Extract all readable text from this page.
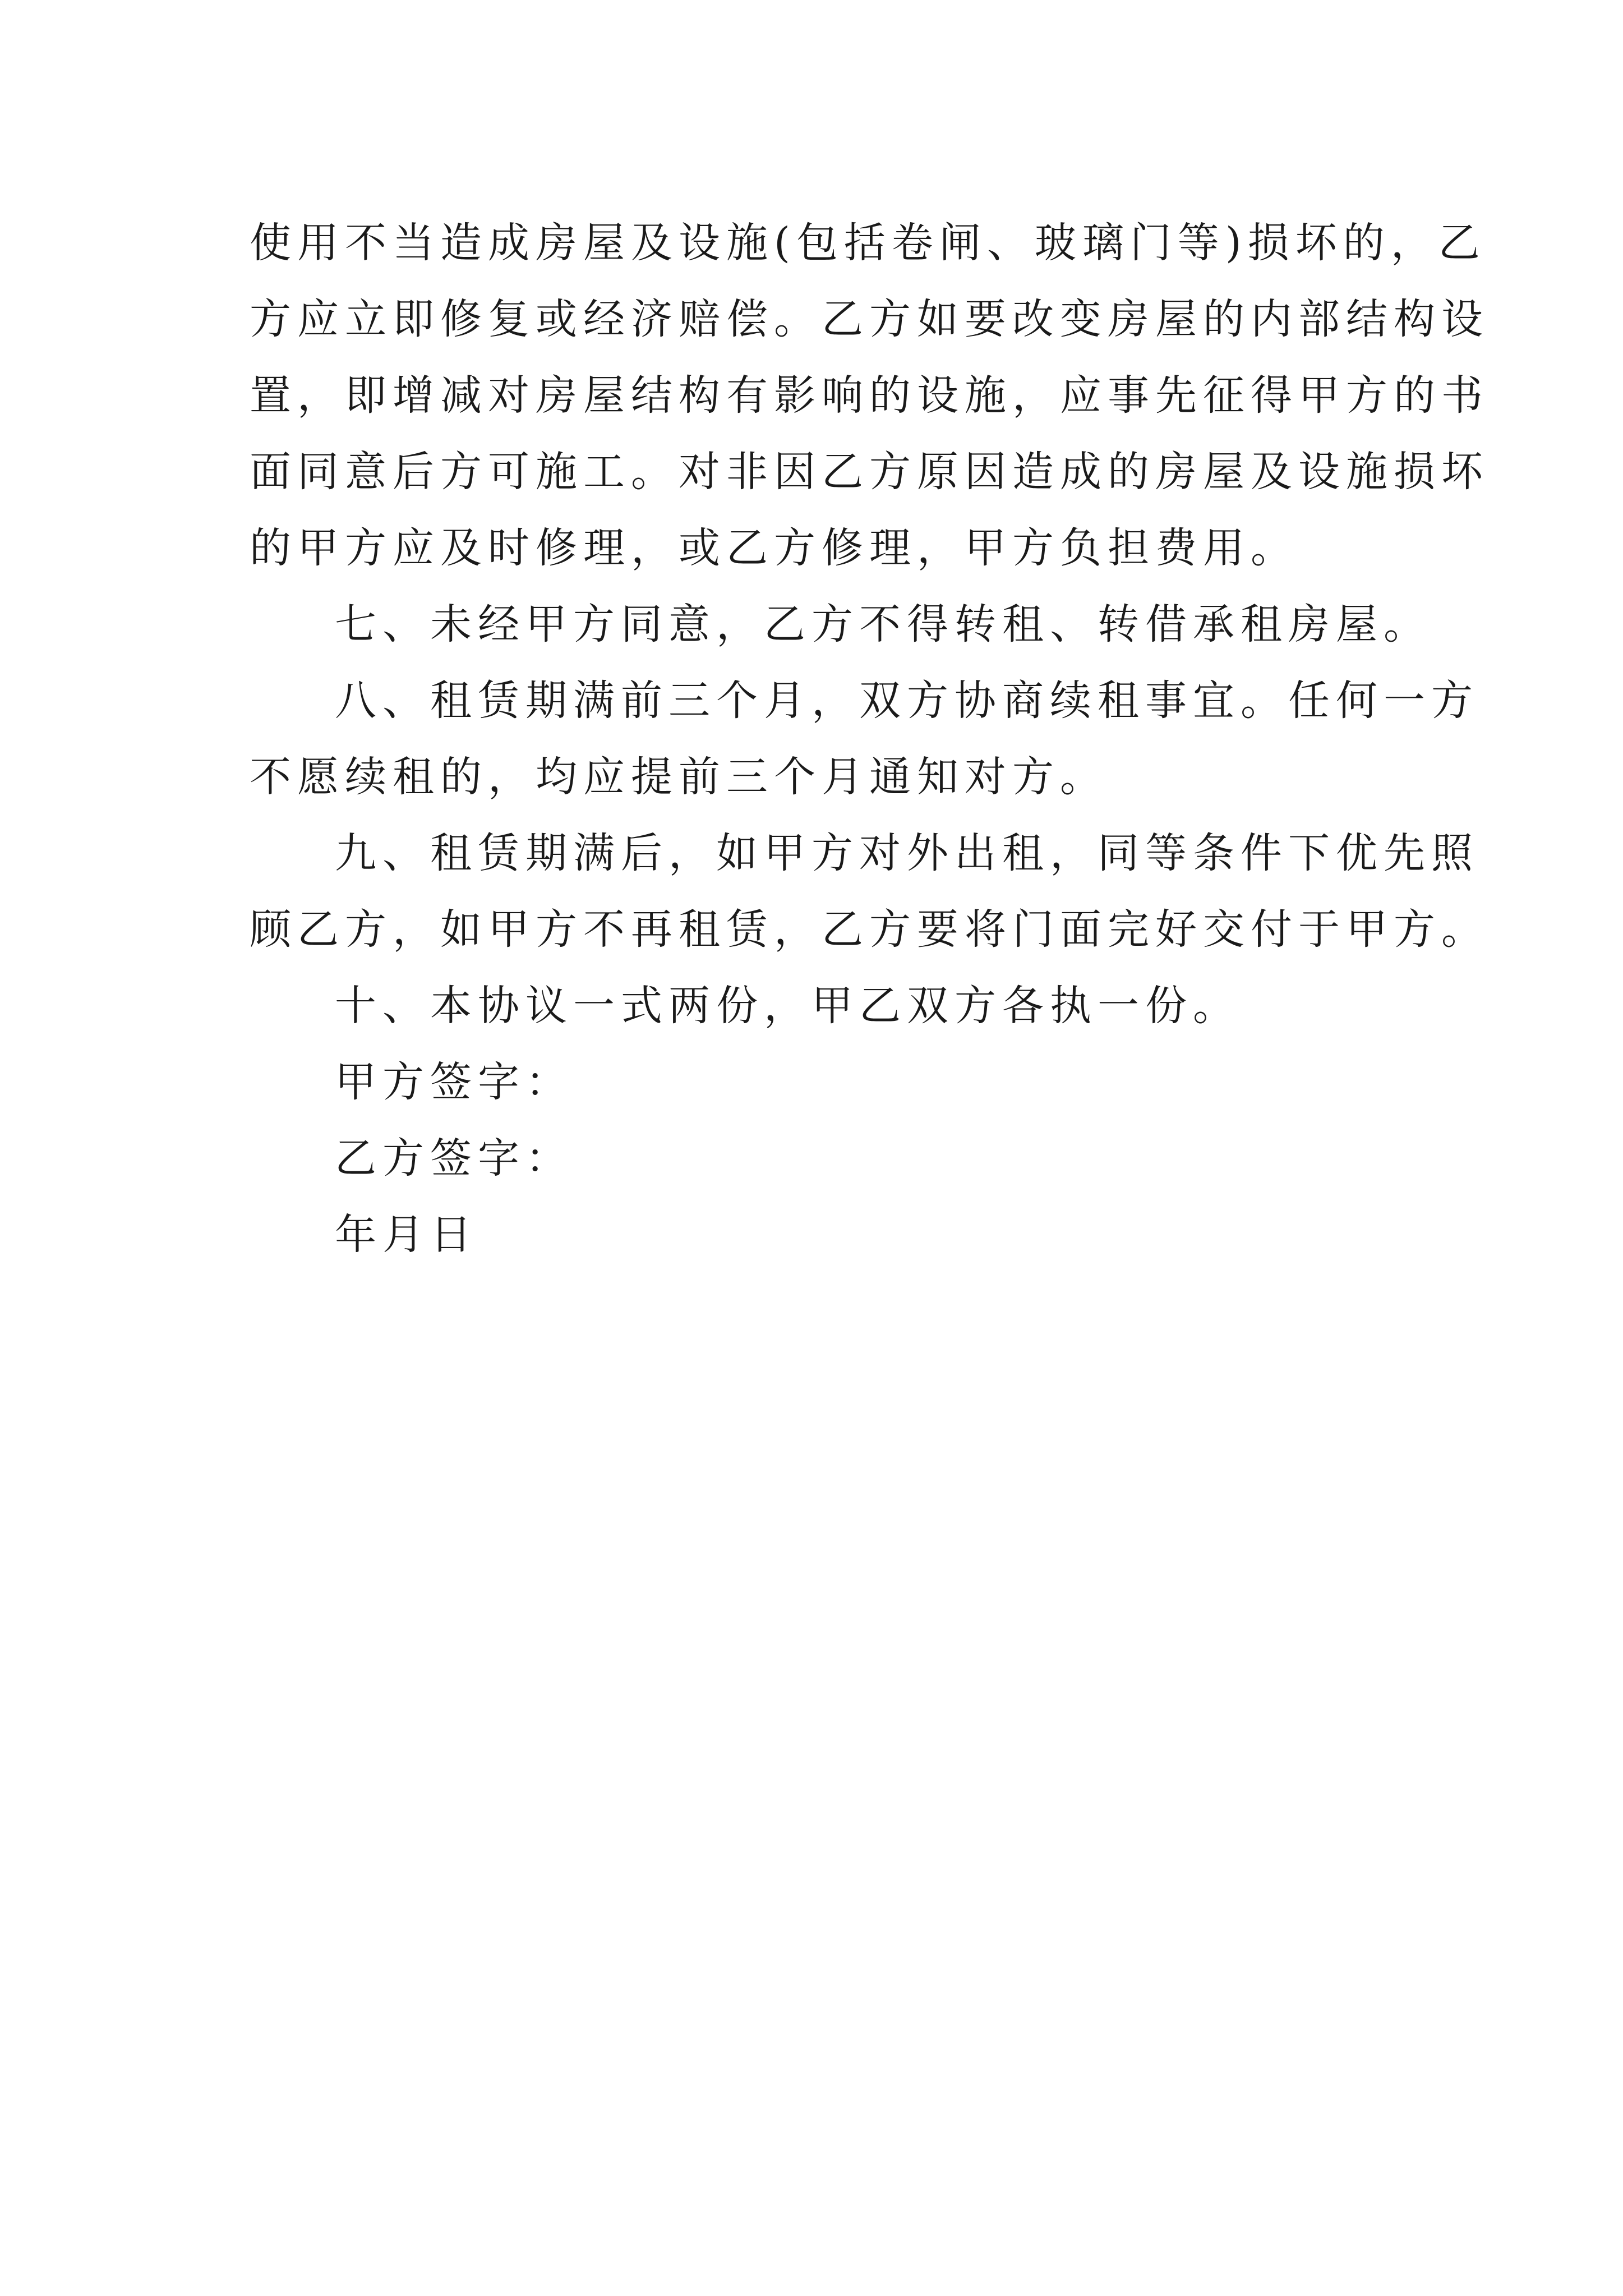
使用不当造成房屋及设施(包括卷闸、玻璃门等)损坏的，乙
方应立即修复或经济赔偿。乙方如要改变房屋的内部结构设
置，即增减对房屋结构有影响的设施，应事先征得甲方的书
面同意后方可施工。对非因乙方原因造成的房屋及设施损坏
的甲方应及时修理，或乙方修理，甲方负担费用。
七、未经甲方同意，乙方不得转租、转借承租房屋。
八、租赁期满前三个月，双方协商续租事宜。任何一方
不愿续租的，均应提前三个月通知对方。
九、租赁期满后，如甲方对外出租，同等条件下优先照
顾乙方，如甲方不再租赁，乙方要将门面完好交付于甲方。
十、本协议一式两份，甲乙双方各执一份。
甲方签字：
乙方签字：
年月日
